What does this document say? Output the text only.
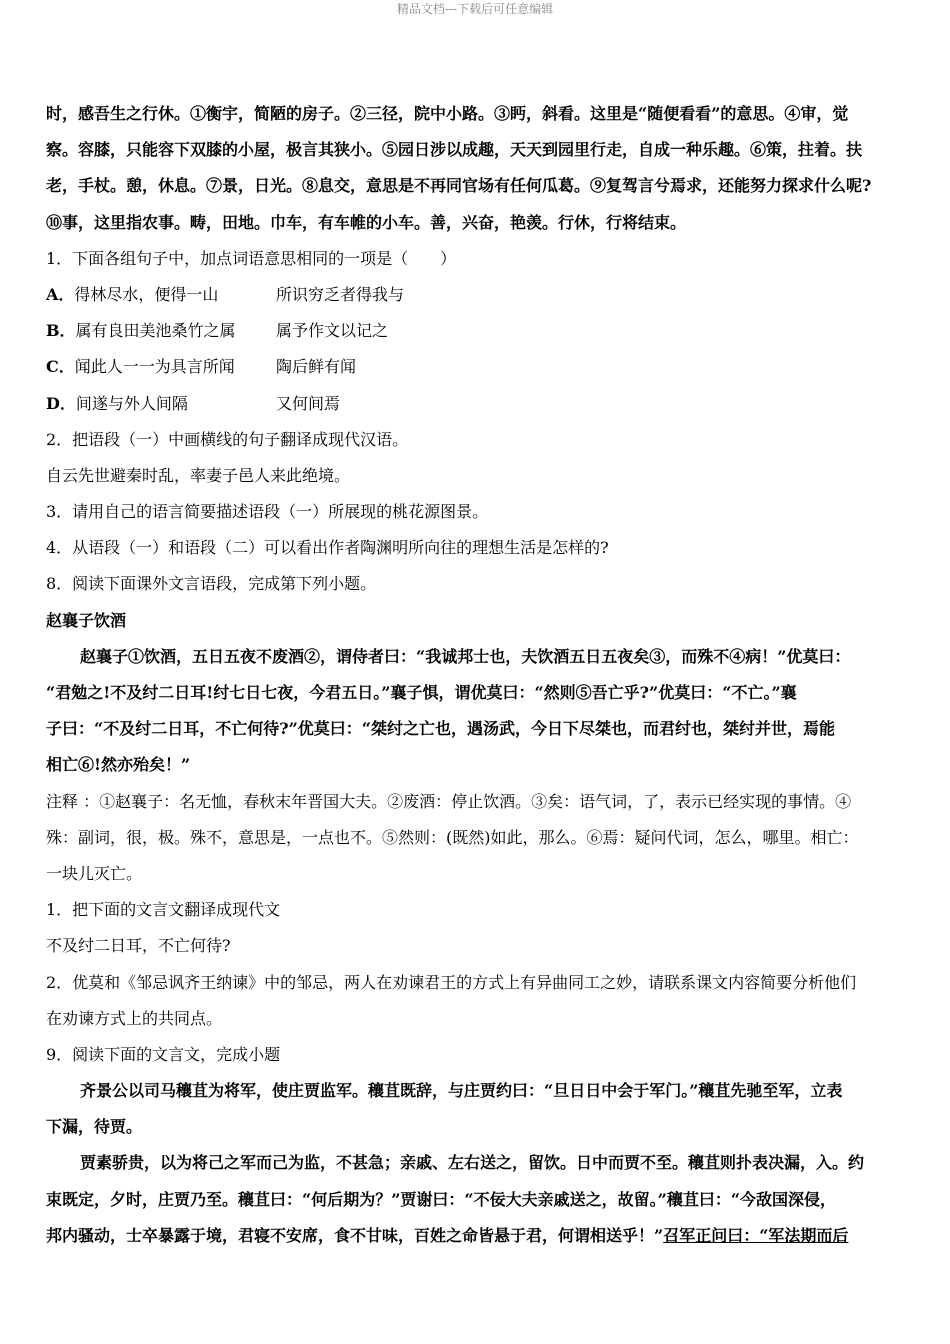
精品文档---下载后可任意编辑
时，感吾生之行休。①衡宇，简陋的房子。②三径，院中小路。③眄，斜看。这里是“随便看看”的意思。④审，觉
察。容膝，只能容下双膝的小屋，极言其狭小。⑤园日涉以成趣，天天到园里行走，自成一种乐趣。⑥策，拄着。扶
老，手杖。憩，休息。⑦景，日光。⑧息交，意思是不再同官场有任何瓜葛。⑨复驾言兮焉求，还能努力探求什么呢?
⑩事，这里指农事。畴，田地。巾车，有车帷的小车。善，兴奋，艳羡。行休，行将结束。
1．下面各组句子中，加点词语意思相同的一项是（　　）
A．得林尽水，便得一山	所识穷乏者得我与
B．属有良田美池桑竹之属	属予作文以记之
C．闻此人一一为具言所闻	陶后鲜有闻
D．间遂与外人间隔	又何间焉
2．把语段（一）中画横线的句子翻译成现代汉语。
自云先世避秦时乱，率妻子邑人来此绝境。
3．请用自己的语言简要描述语段（一）所展现的桃花源图景。
4．从语段（一）和语段（二）可以看出作者陶渊明所向往的理想生活是怎样的?
8．阅读下面课外文言语段，完成第下列小题。
赵襄子饮酒
赵襄子①饮酒，五日五夜不废酒②，谓侍者曰：“我诚邦士也，夫饮酒五日五夜矣③，而殊不④病！”优莫曰：
“君勉之!不及纣二日耳!纣七日七夜，今君五日。”襄子惧，谓优莫曰：“然则⑤吾亡乎?”优莫曰：“不亡。”襄
子曰：“不及纣二日耳，不亡何待?”优莫曰：“桀纣之亡也，遇汤武，今日下尽桀也，而君纣也，桀纣并世，焉能
相亡⑥!然亦殆矣！”
注释 ：①赵襄子：名无恤，春秋末年晋国大夫。②废酒：停止饮酒。③矣：语气词，了，表示已经实现的事情。④
殊：副词，很，极。殊不，意思是，一点也不。⑤然则：(既然)如此，那么。⑥焉：疑问代词，怎么，哪里。相亡：
一块儿灭亡。
1．把下面的文言文翻译成现代文
不及纣二日耳，不亡何待?
2．优莫和《邹忌讽齐王纳谏》中的邹忌，两人在劝谏君王的方式上有异曲同工之妙，请联系课文内容简要分析他们
在劝谏方式上的共同点。
9．阅读下面的文言文，完成小题
齐景公以司马穰苴为将军，使庄贾监军。穰苴既辞，与庄贾约曰：“旦日日中会于军门。”穰苴先驰至军，立表
下漏，待贾。
贾素骄贵，以为将己之军而己为监，不甚急；亲戚、左右送之，留饮。日中而贾不至。穰苴则扑表决漏，入。约
束既定，夕时，庄贾乃至。穰苴曰：“何后期为？”贾谢曰：“不佞大夫亲戚送之，故留。”穰苴曰：“今敌国深侵，
邦内骚动，士卒暴露于境，君寝不安席，食不甘味，百姓之命皆悬于君，何谓相送乎！”召军正问曰：“军法期而后
